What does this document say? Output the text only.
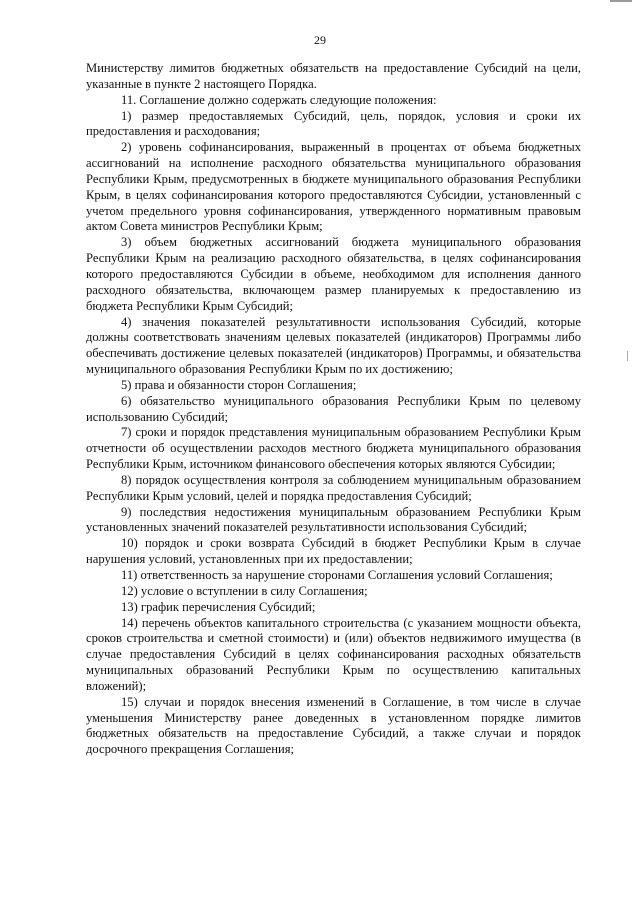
29

Министерству лимитов бюджетных обязательств на предоставление Субсидий на цели, указанные в пункте 2 настоящего Порядка.

11. Соглашение должно содержать следующие положения:

1) размер предоставляемых Субсидий, цель, порядок, условия и сроки их предоставления и расходования;

2) уровень софинансирования, выраженный в процентах от объема бюджетных ассигнований на исполнение расходного обязательства муниципального образования Республики Крым, предусмотренных в бюджете муниципального образования Республики Крым, в целях софинансирования которого предоставляются Субсидии, установленный с учетом предельного уровня софинансирования, утвержденного нормативным правовым актом Совета министров Республики Крым;

3) объем бюджетных ассигнований бюджета муниципального образования Республики Крым на реализацию расходного обязательства, в целях софинансирования которого предоставляются Субсидии в объеме, необходимом для исполнения данного расходного обязательства, включающем размер планируемых к предоставлению из бюджета Республики Крым Субсидий;

4) значения показателей результативности использования Субсидий, которые должны соответствовать значениям целевых показателей (индикаторов) Программы либо обеспечивать достижение целевых показателей (индикаторов) Программы, и обязательства муниципального образования Республики Крым по их достижению;

5) права и обязанности сторон Соглашения;

6) обязательство муниципального образования Республики Крым по целевому использованию Субсидий;

7) сроки и порядок представления муниципальным образованием Республики Крым отчетности об осуществлении расходов местного бюджета муниципального образования Республики Крым, источником финансового обеспечения которых являются Субсидии;

8) порядок осуществления контроля за соблюдением муниципальным образованием Республики Крым условий, целей и порядка предоставления Субсидий;

9) последствия недостижения муниципальным образованием Республики Крым установленных значений показателей результативности использования Субсидий;

10) порядок и сроки возврата Субсидий в бюджет Республики Крым в случае нарушения условий, установленных при их предоставлении;

11) ответственность за нарушение сторонами Соглашения условий Соглашения;

12) условие о вступлении в силу Соглашения;

13) график перечисления Субсидий;

14) перечень объектов капитального строительства (с указанием мощности объекта, сроков строительства и сметной стоимости) и (или) объектов недвижимого имущества (в случае предоставления Субсидий в целях софинансирования расходных обязательств муниципальных образований Республики Крым по осуществлению капитальных вложений);

15) случаи и порядок внесения изменений в Соглашение, в том числе в случае уменьшения Министерству ранее доведенных в установленном порядке лимитов бюджетных обязательств на предоставление Субсидий, а также случаи и порядок досрочного прекращения Соглашения;
